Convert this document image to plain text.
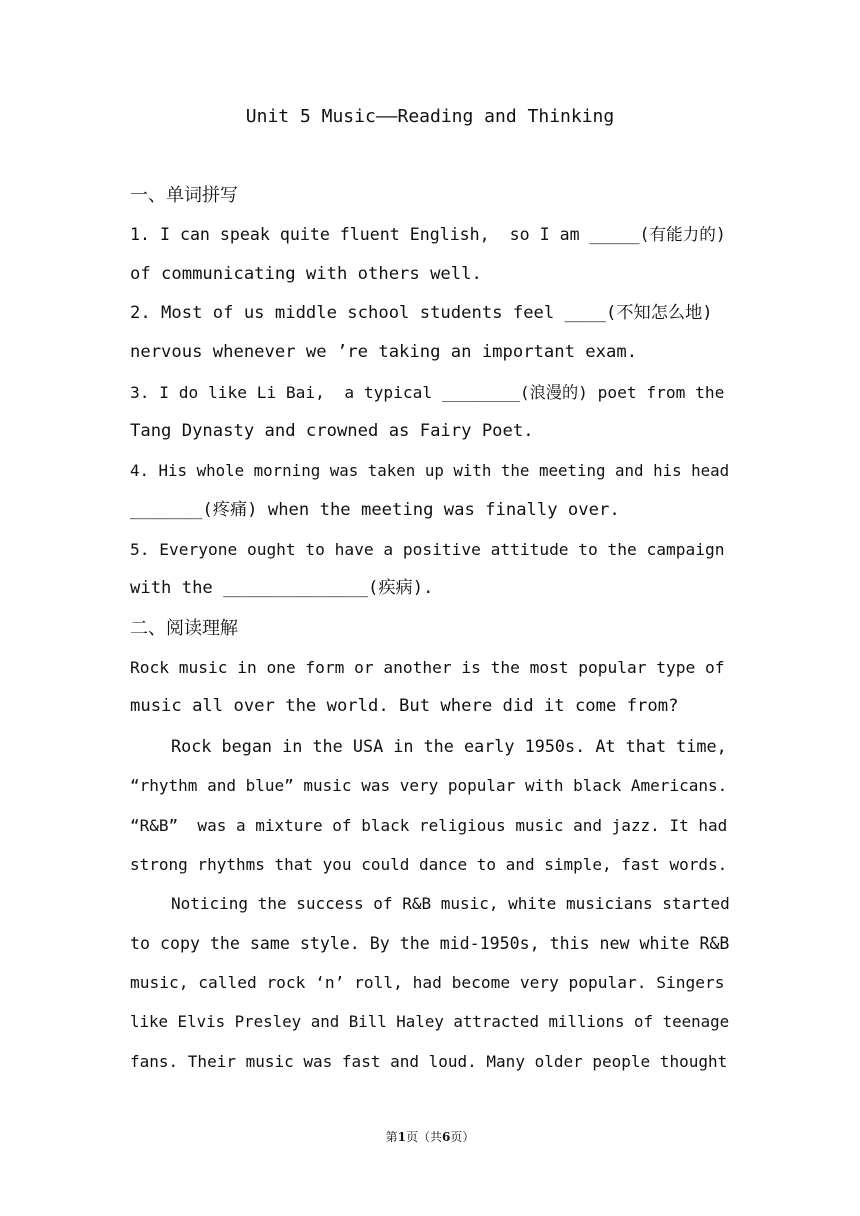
Unit 5 Music——Reading and Thinking
一、单词拼写
1. I can speak quite fluent English,  so I am _____(有能力的)
of communicating with others well.
2. Most of us middle school students feel ____(不知怎么地)
nervous whenever we ’re taking an important exam.
3. I do like Li Bai,  a typical ________(浪漫的) poet from the
Tang Dynasty and crowned as Fairy Poet.
4. His whole morning was taken up with the meeting and his head
_______(疼痛) when the meeting was finally over.
5. Everyone ought to have a positive attitude to the campaign
with the ______________(疾病).
二、阅读理解
Rock music in one form or another is the most popular type of
music all over the world. But where did it come from?
Rock began in the USA in the early 1950s. At that time,
“rhythm and blue” music was very popular with black Americans.
“R&B”  was a mixture of black religious music and jazz. It had
strong rhythms that you could dance to and simple, fast words.
Noticing the success of R&B music, white musicians started
to copy the same style. By the mid-1950s, this new white R&B
music, called rock ‘n’ roll, had become very popular. Singers
like Elvis Presley and Bill Haley attracted millions of teenage
fans. Their music was fast and loud. Many older people thought
第1页（共6页）
